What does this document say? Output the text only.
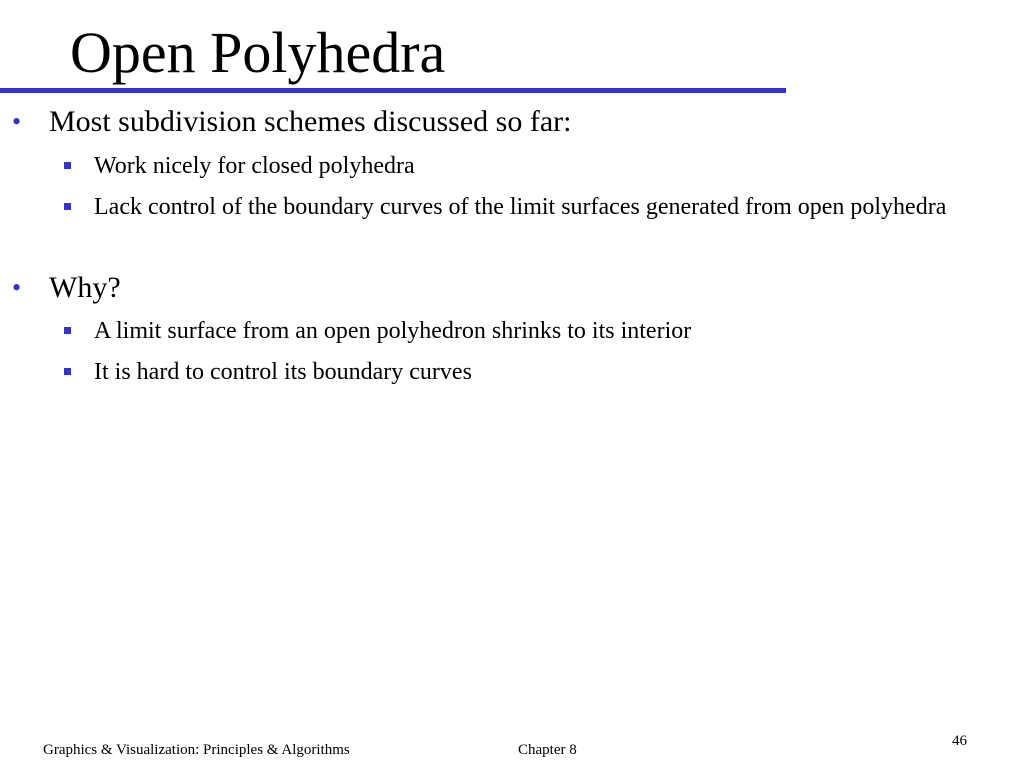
Open Polyhedra
• Most subdivision schemes discussed so far:
Work nicely for closed polyhedra
Lack control of the boundary curves of the limit surfaces generated from open polyhedra
• Why?
A limit surface from an open polyhedron shrinks to its interior
It is hard to control its boundary curves
Graphics & Visualization: Principles & Algorithms	Chapter 8
46
